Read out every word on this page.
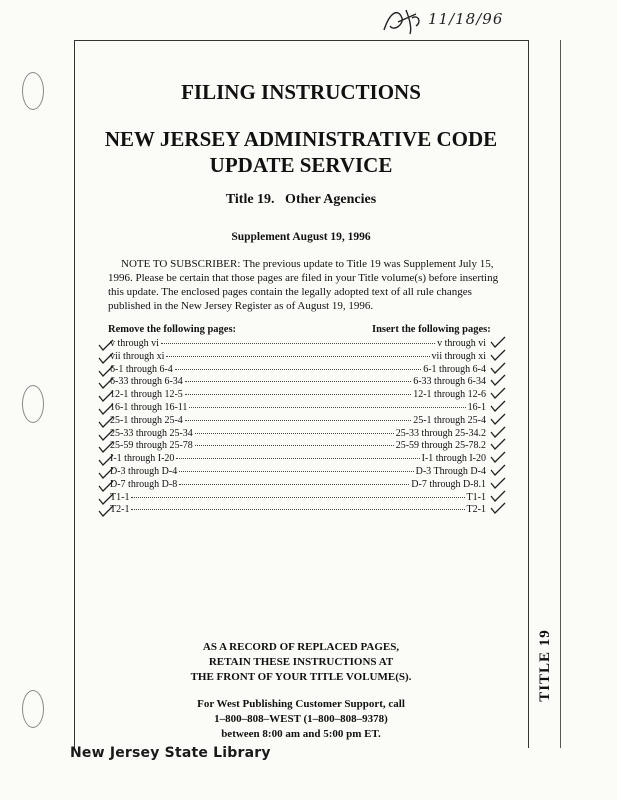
11/18/96
FILING INSTRUCTIONS
NEW JERSEY ADMINISTRATIVE CODE
UPDATE SERVICE
Title 19.   Other Agencies
Supplement August 19, 1996
NOTE TO SUBSCRIBER: The previous update to Title 19 was Supplement July 15, 1996. Please be certain that those pages are filed in your Title volume(s) before inserting this update. The enclosed pages contain the legally adopted text of all rule changes published in the New Jersey Register as of August 19, 1996.
Remove the following pages:	Insert the following pages:
v through vi	v through vi
vii through xi	vii through xi
6-1 through 6-4	6-1 through 6-4
6-33 through 6-34	6-33 through 6-34
12-1 through 12-5	12-1 through 12-6
16-1 through 16-11	16-1
25-1 through 25-4	25-1 through 25-4
25-33 through 25-34	25-33 through 25-34.2
25-59 through 25-78	25-59 through 25-78.2
I-1 through I-20	I-1 through I-20
D-3 through D-4	D-3 Through D-4
D-7 through D-8	D-7 through D-8.1
T1-1	T1-1
T2-1	T2-1
AS A RECORD OF REPLACED PAGES,
RETAIN THESE INSTRUCTIONS AT
THE FRONT OF YOUR TITLE VOLUME(S).
For West Publishing Customer Support, call
1–800–808–WEST (1–800–808–9378)
between 8:00 am and 5:00 pm ET.
New Jersey State Library
TITLE 19
